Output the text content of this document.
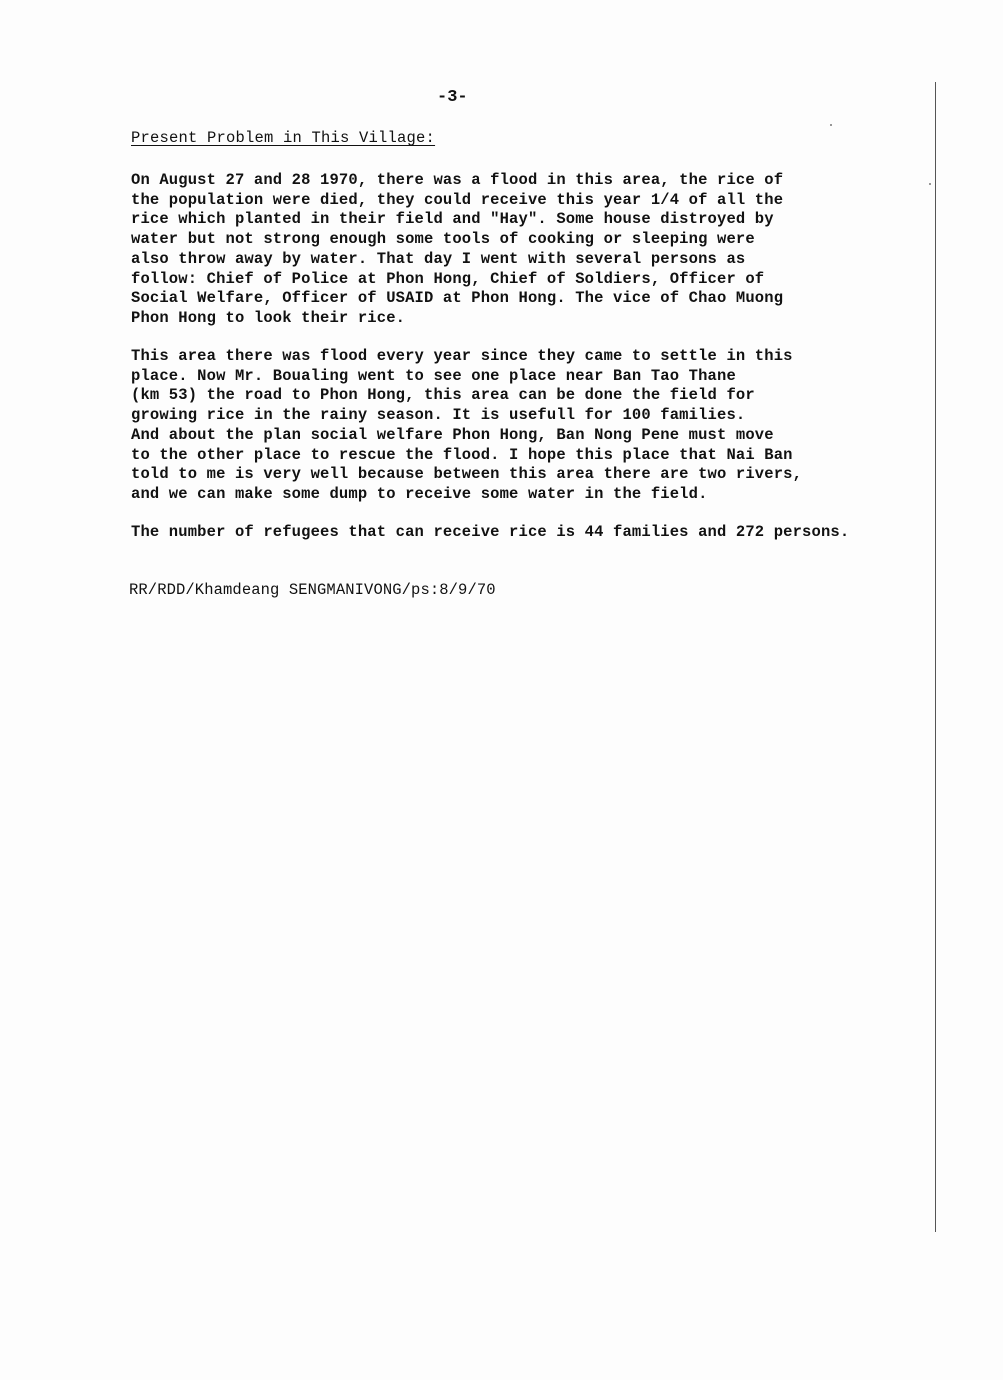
-3-
Present Problem in This Village:

On August 27 and 28 1970, there was a flood in this area, the rice of
the population were died, they could receive this year 1/4 of all the
rice which planted in their field and "Hay". Some house distroyed by
water but not strong enough some tools of cooking or sleeping were
also throw away by water. That day I went with several persons as
follow: Chief of Police at Phon Hong, Chief of Soldiers, Officer of
Social Welfare, Officer of USAID at Phon Hong. The vice of Chao Muong
Phon Hong to look their rice.

This area there was flood every year since they came to settle in this
place. Now Mr. Boualing went to see one place near Ban Tao Thane
(km 53) the road to Phon Hong, this area can be done the field for
growing rice in the rainy season. It is usefull for 100 families.
And about the plan social welfare Phon Hong, Ban Nong Pene must move
to the other place to rescue the flood. I hope this place that Nai Ban
told to me is very well because between this area there are two rivers,
and we can make some dump to receive some water in the field.

The number of refugees that can receive rice is 44 families and 272 persons.

RR/RDD/Khamdeang SENGMANIVONG/ps:8/9/70
